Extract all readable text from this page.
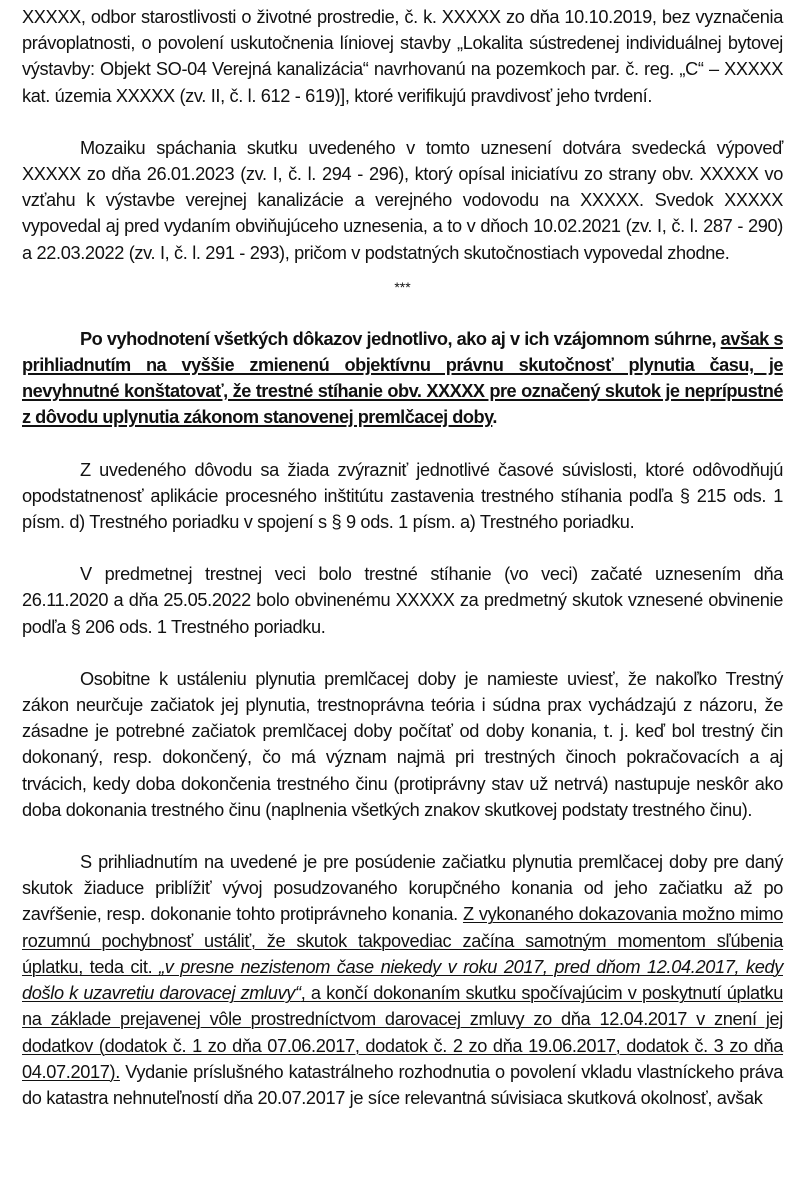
XXXXX, odbor starostlivosti o životné prostredie, č. k. XXXXX zo dňa 10.10.2019, bez vyznačenia právoplatnosti, o povolení uskutočnenia líniovej stavby „Lokalita sústredenej individuálnej bytovej výstavby: Objekt SO-04 Verejná kanalizácia“ navrhovanú na pozemkoch par. č. reg. „C“ – XXXXX kat. územia XXXXX (zv. II, č. l. 612 - 619)], ktoré verifikujú pravdivosť jeho tvrdení.

Mozaiku spáchania skutku uvedeného v tomto uznesení dotvára svedecká výpoveď XXXXX zo dňa 26.01.2023 (zv. I, č. l. 294 - 296), ktorý opísal iniciatívu zo strany obv. XXXXX vo vzťahu k výstavbe verejnej kanalizácie a verejného vodovodu na XXXXX. Svedok XXXXX vypovedal aj pred vydaním obviňujúceho uznesenia, a to v dňoch 10.02.2021 (zv. I, č. l. 287 - 290) a 22.03.2022 (zv. I, č. l. 291 - 293), pričom v podstatných skutočnostiach vypovedal zhodne.

***

Po vyhodnotení všetkých dôkazov jednotlivo, ako aj v ich vzájomnom súhrne, avšak s prihliadnutím na vyššie zmienenú objektívnu právnu skutočnosť plynutia času, je nevyhnutné konštatovať, že trestné stíhanie obv. XXXXX pre označený skutok je neprípustné z dôvodu uplynutia zákonom stanovenej premlčacej doby.

Z uvedeného dôvodu sa žiada zvýrazniť jednotlivé časové súvislosti, ktoré odôvodňujú opodstatnenosť aplikácie procesného inštitútu zastavenia trestného stíhania podľa § 215 ods. 1 písm. d) Trestného poriadku v spojení s § 9 ods. 1 písm. a) Trestného poriadku.

V predmetnej trestnej veci bolo trestné stíhanie (vo veci) začaté uznesením dňa 26.11.2020 a dňa 25.05.2022 bolo obvinenému XXXXX za predmetný skutok vznesené obvinenie podľa § 206 ods. 1 Trestného poriadku.

Osobitne k ustáleniu plynutia premlčacej doby je namieste uviesť, že nakoľko Trestný zákon neurčuje začiatok jej plynutia, trestnoprávna teória i súdna prax vychádzajú z názoru, že zásadne je potrebné začiatok premlčacej doby počítať od doby konania, t. j. keď bol trestný čin dokonaný, resp. dokončený, čo má význam najmä pri trestných činoch pokračovacích a aj trvácich, kedy doba dokončenia trestného činu (protiprávny stav už netrvá) nastupuje neskôr ako doba dokonania trestného činu (naplnenia všetkých znakov skutkovej podstaty trestného činu).

S prihliadnutím na uvedené je pre posúdenie začiatku plynutia premlčacej doby pre daný skutok žiaduce priblížiť vývoj posudzovaného korupčného konania od jeho začiatku až po zavŕšenie, resp. dokonanie tohto protiprávneho konania. Z vykonaného dokazovania možno mimo rozumnú pochybnosť ustáliť, že skutok takpovediac začína samotným momentom sľúbenia úplatku, teda cit. „v presne nezistenom čase niekedy v roku 2017, pred dňom 12.04.2017, kedy došlo k uzavretiu darovacej zmluvy“, a končí dokonaním skutku spočívajúcim v poskytnutí úplatku na základe prejavenej vôle prostredníctvom darovacej zmluvy zo dňa 12.04.2017 v znení jej dodatkov (dodatok č. 1 zo dňa 07.06.2017, dodatok č. 2 zo dňa 19.06.2017, dodatok č. 3 zo dňa 04.07.2017). Vydanie príslušného katastrálneho rozhodnutia o povolení vkladu vlastníckeho práva do katastra nehnuteľností dňa 20.07.2017 je síce relevantná súvisiaca skutková okolnosť, avšak
